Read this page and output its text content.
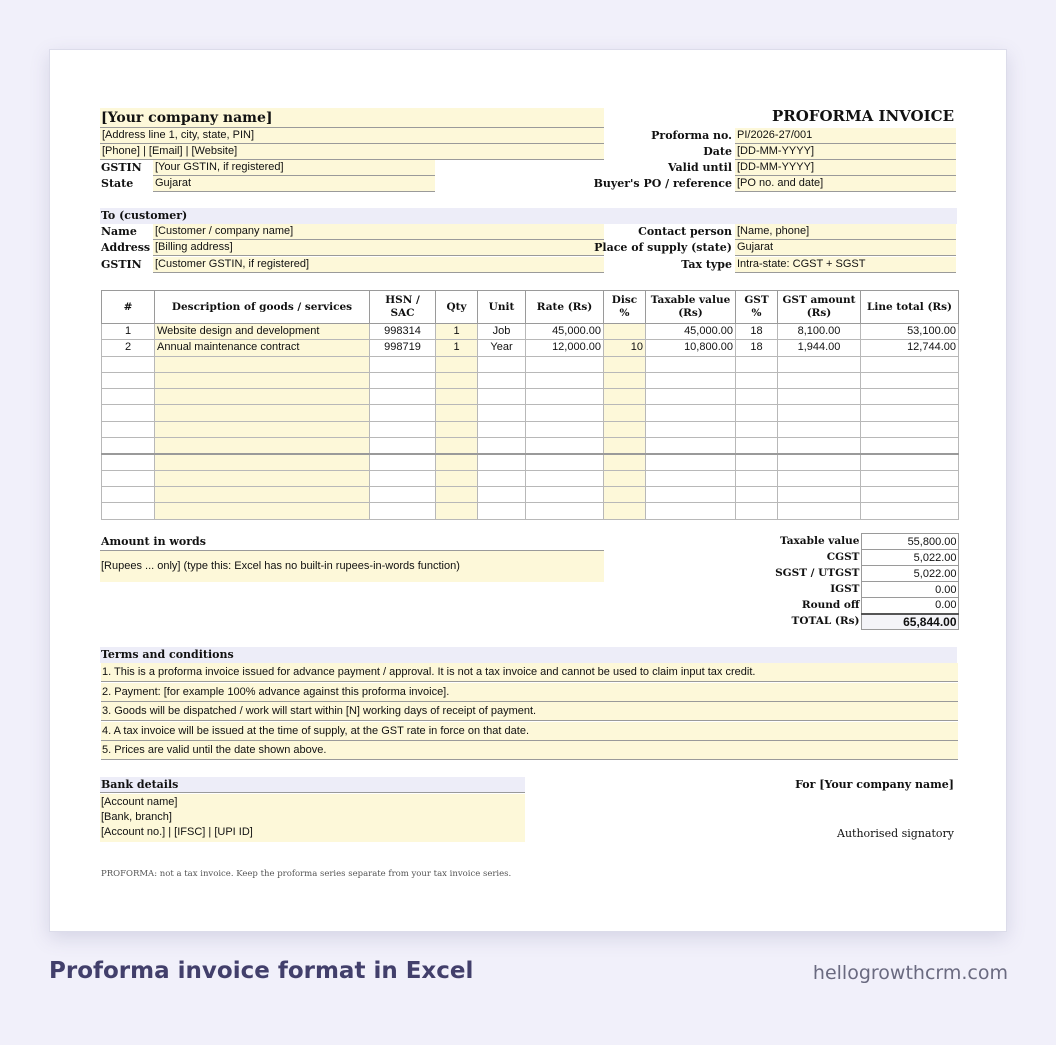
[Your company name]
[Address line 1, city, state, PIN]
[Phone] | [Email] | [Website]
GSTIN [Your GSTIN, if registered]
State Gujarat
PROFORMA INVOICE
Proforma no. PI/2026-27/001
Date [DD-MM-YYYY]
Valid until [DD-MM-YYYY]
Buyer's PO / reference [PO no. and date]
To (customer)
Name [Customer / company name]
Address [Billing address]
GSTIN [Customer GSTIN, if registered]
Contact person [Name, phone]
Place of supply (state) Gujarat
Tax type Intra-state: CGST + SGST
#	Description of goods / services	HSN / SAC	Qty	Unit	Rate (Rs)	Disc %	Taxable value (Rs)	GST %	GST amount (Rs)	Line total (Rs)
1	Website design and development	998314	1	Job	45,000.00		45,000.00	18	8,100.00	53,100.00
2	Annual maintenance contract	998719	1	Year	12,000.00	10	10,800.00	18	1,944.00	12,744.00

Amount in words
[Rupees ... only] (type this: Excel has no built-in rupees-in-words function)
Taxable value	55,800.00
CGST	5,022.00
SGST / UTGST	5,022.00
IGST	0.00
Round off	0.00
TOTAL (Rs)	65,844.00
Terms and conditions
1. This is a proforma invoice issued for advance payment / approval. It is not a tax invoice and cannot be used to claim input tax credit.
2. Payment: [for example 100% advance against this proforma invoice].
3. Goods will be dispatched / work will start within [N] working days of receipt of payment.
4. A tax invoice will be issued at the time of supply, at the GST rate in force on that date.
5. Prices are valid until the date shown above.
Bank details
[Account name]
[Bank, branch]
[Account no.] | [IFSC] | [UPI ID]
For [Your company name]
Authorised signatory
PROFORMA: not a tax invoice. Keep the proforma series separate from your tax invoice series.
Proforma invoice format in Excel	hellogrowthcrm.com
